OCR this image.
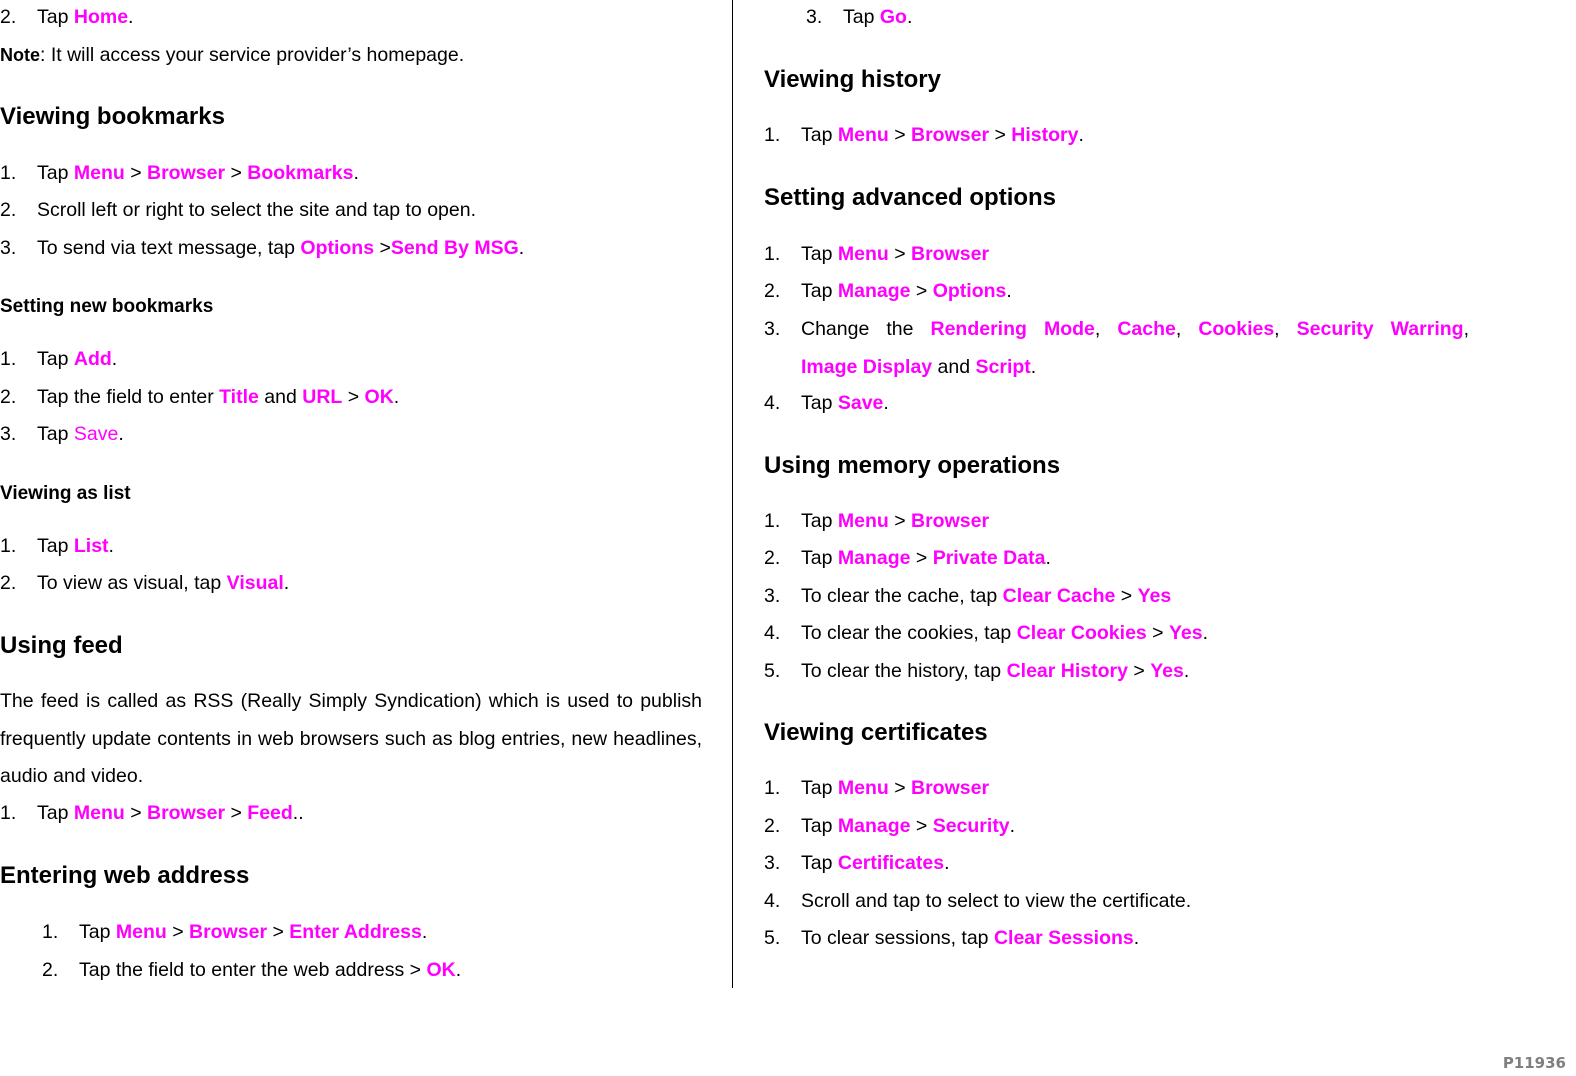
2. Tap Home.
Note: It will access your service provider’s homepage.
Viewing bookmarks
1. Tap Menu > Browser > Bookmarks.
2. Scroll left or right to select the site and tap to open.
3. To send via text message, tap Options >Send By MSG.
Setting new bookmarks
1. Tap Add.
2. Tap the field to enter Title and URL > OK.
3. Tap Save.
Viewing as list
1. Tap List.
2. To view as visual, tap Visual.
Using feed
The feed is called as RSS (Really Simply Syndication) which is used to publish frequently update contents in web browsers such as blog entries, new headlines, audio and video.
1. Tap Menu > Browser > Feed..
Entering web address
1. Tap Menu > Browser > Enter Address.
2. Tap the field to enter the web address > OK.
3. Tap Go.
Viewing history
1. Tap Menu > Browser > History.
Setting advanced options
1. Tap Menu > Browser
2. Tap Manage > Options.
3. Change the Rendering Mode, Cache, Cookies, Security Warring,
Image Display and Script.
4. Tap Save.
Using memory operations
1. Tap Menu > Browser
2. Tap Manage > Private Data.
3. To clear the cache, tap Clear Cache > Yes
4. To clear the cookies, tap Clear Cookies > Yes.
5. To clear the history, tap Clear History > Yes.
Viewing certificates
1. Tap Menu > Browser
2. Tap Manage > Security.
3. Tap Certificates.
4. Scroll and tap to select to view the certificate.
5. To clear sessions, tap Clear Sessions.
P11936
